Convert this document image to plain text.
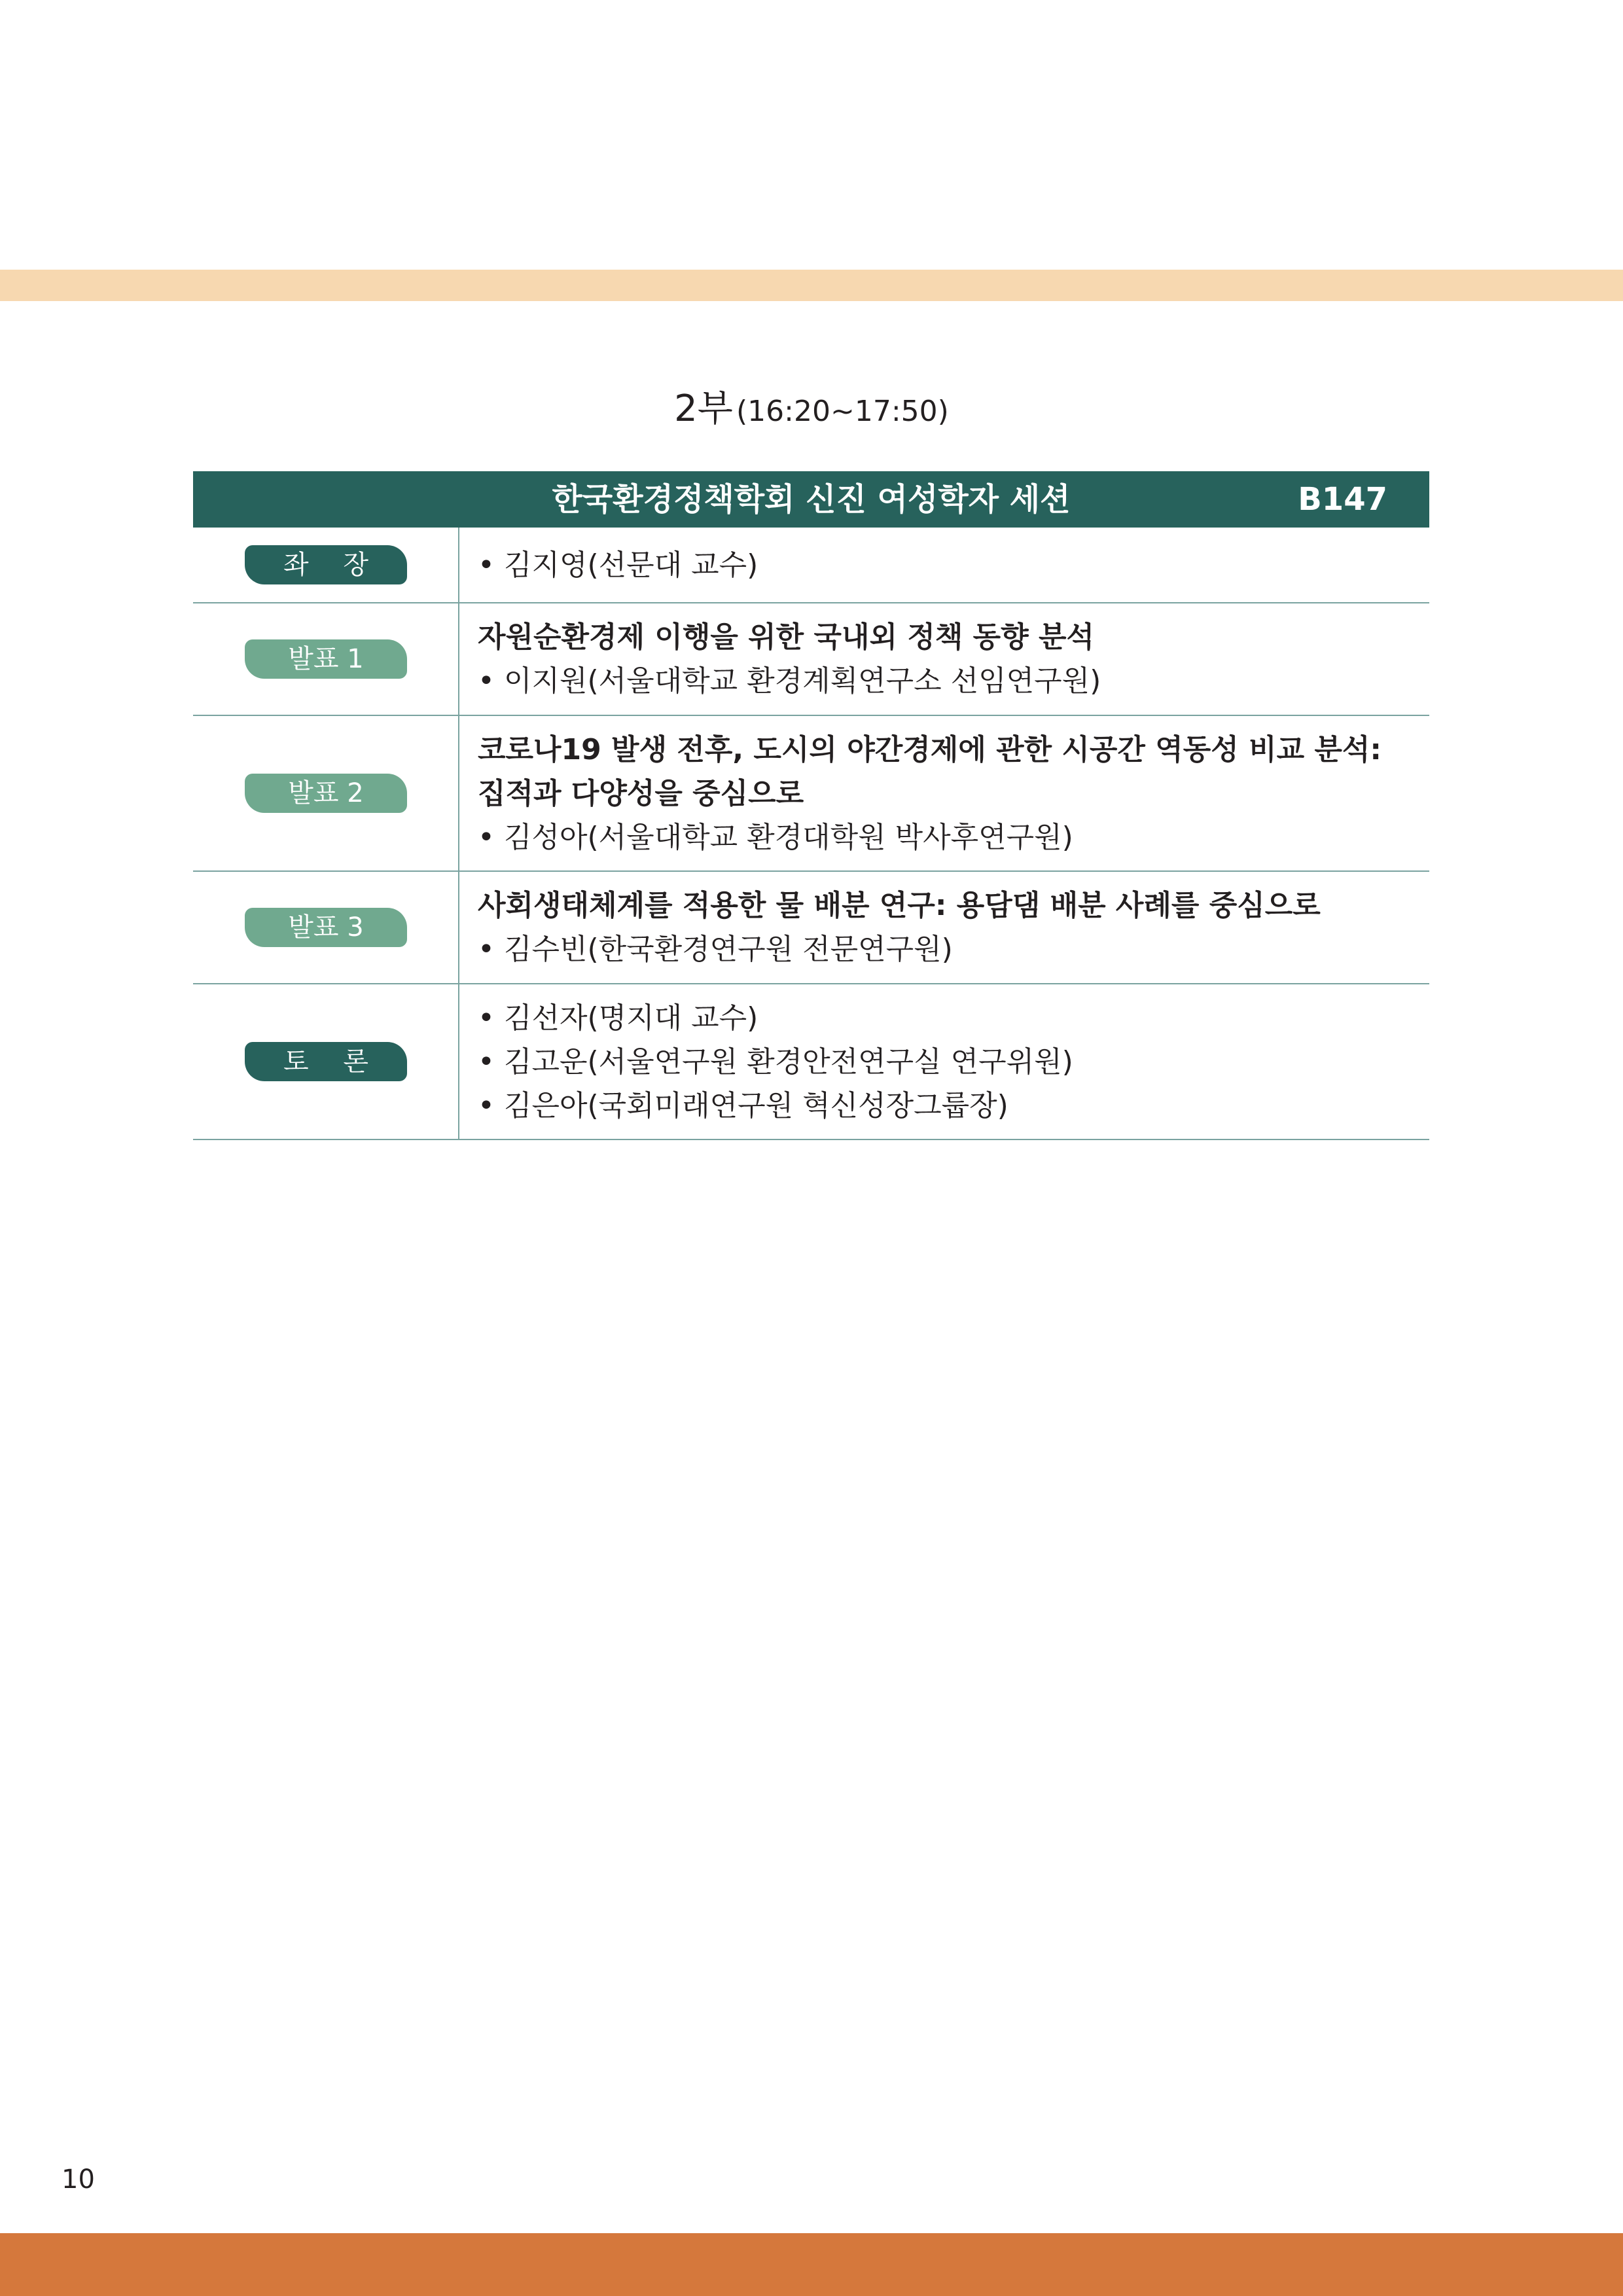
2부 (16:20~17:50)
한국환경정책학회 신진 여성학자 세션	B147
좌 장
•	김지영(선문대 교수)
발표 1
자원순환경제 이행을 위한 국내외 정책 동향 분석
• 이지원(서울대학교 환경계획연구소 선임연구원)
발표 2
코로나19 발생 전후, 도시의 야간경제에 관한 시공간 역동성 비교 분석:
집적과 다양성을 중심으로
• 김성아(서울대학교 환경대학원 박사후연구원)
발표 3
사회생태체계를 적용한 물 배분 연구: 용담댐 배분 사례를 중심으로
• 김수빈(한국환경연구원 전문연구원)
토 론
• 김선자(명지대 교수)
• 김고운(서울연구원 환경안전연구실 연구위원)
• 김은아(국회미래연구원 혁신성장그룹장)
10
